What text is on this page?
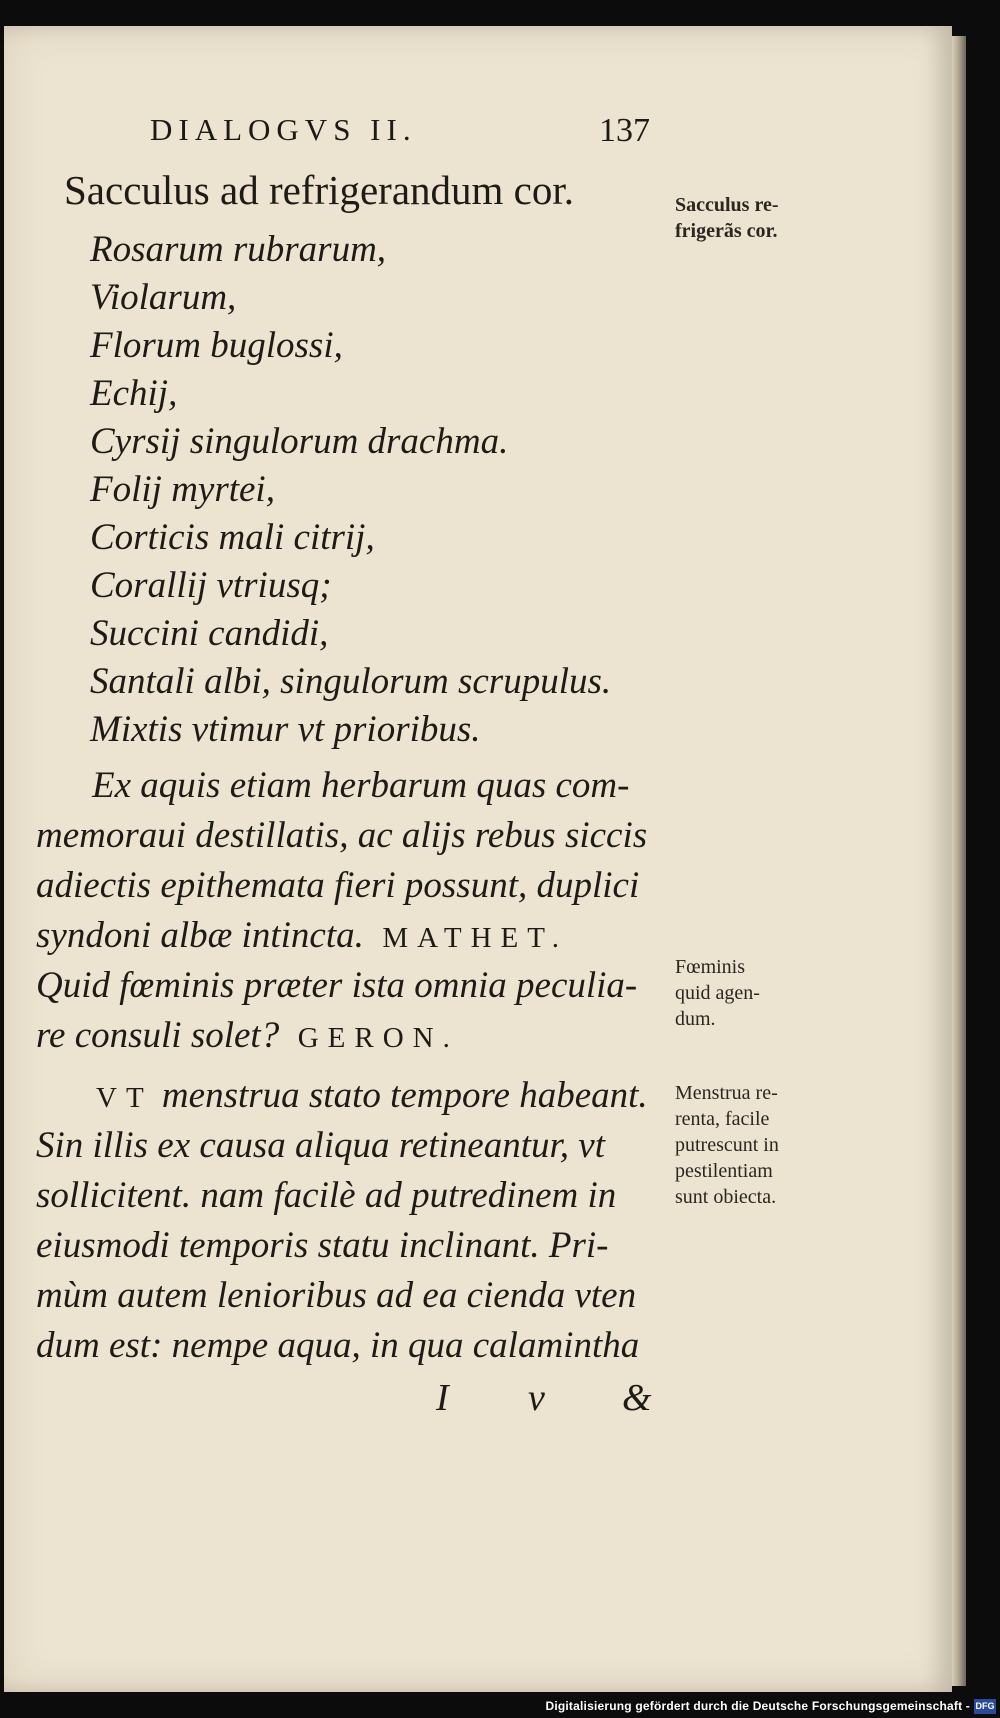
DIALOGVS II.	137
Sacculus ad refrigerandum cor.
Rosarum rubrarum,
Violarum,
Florum buglossi,
Echij,
Cyrsij singulorum drachma.
Folij myrtei,
Corticis mali citrij,
Corallij vtriusq;
Succini candidi,
Santali albi, singulorum scrupulus.
Mixtis vtimur vt prioribus.
Ex aquis etiam herbarum quas com-
memoraui destillatis, ac alijs rebus siccis
adiectis epithemata fieri possunt, duplici
syndoni albæ intincta. MATHET.
Quid fœminis præter ista omnia peculia-
re consuli solet? GERON.
VT menstrua stato tempore habeant.
Sin illis ex causa aliqua retineantur, vt
sollicitent. nam facilè ad putredinem in
eiusmodi temporis statu inclinant. Pri-
mùm autem lenioribus ad ea cienda vten
dum est: nempe aqua, in qua calamintha
I v &
Sacculus re-
frigerãs cor.
Fœminis
quid agen-
dum.
Menstrua re-
renta, facile
putrescunt in
pestilentiam
sunt obiecta.
Digitalisierung gefördert durch die Deutsche Forschungsgemeinschaft - DFG
